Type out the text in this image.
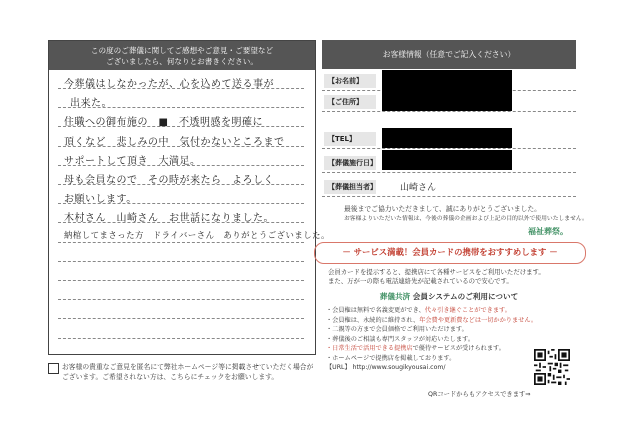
この度のご葬儀に関してご感想やご意見・ご要望など
ございましたら、何なりとお書きください。
お客様の貴重なご意見を匿名にて弊社ホームページ等に掲載させていただく場合が
ございます。ご希望されない方は、こちらにチェックをお願いします。
お客様情報（任意でご記入ください）
【お名前】
【ご住所】
【TEL】
【葬儀施行日】
【葬儀担当者】	山崎さん
最後までご協力いただきまして、誠にありがとうございました。
お客様よりいただいた情報は、今後の葬儀の企画および上記の目的以外で使用いたしません。
福祉葬祭。
－ サービス満載！会員カードの携帯をおすすめします －
会員カードを提示すると、提携店にて各種サービスをご利用いただけます。
また、万が一の際も電話連絡先が記載されているので安心です。
葬儀共済 会員システムのご利用について
・会員権は無料で名義変更ができ、代々引き継ぐことができます。
・会員権は、永続的に維持され、年会費や更新費などは一切かかりません。
・二親等の方まで会員価格でご利用いただけます。
・葬儀後のご相談も専門スタッフが対応いたします。
・日常生活で活用できる提携店で優待サービスが受けられます。
・ホームページで提携店を掲載しております。
【URL】 http://www.sougikyousai.com/
QRコードからもアクセスできます⇒
今葬儀はしなかったが、心を込めて送る事が
出来た。
住職への御布施の　■　不透明感を明確に
頂くなど　悲しみの中　気付かないところまで
サポートして頂き　大満足。
母も会員なので　その時が来たら　よろしく
お願いします。
木村さん　山崎さん　お世話になりました。
納棺してまさった方　ドライバーさん　ありがとうございました。
